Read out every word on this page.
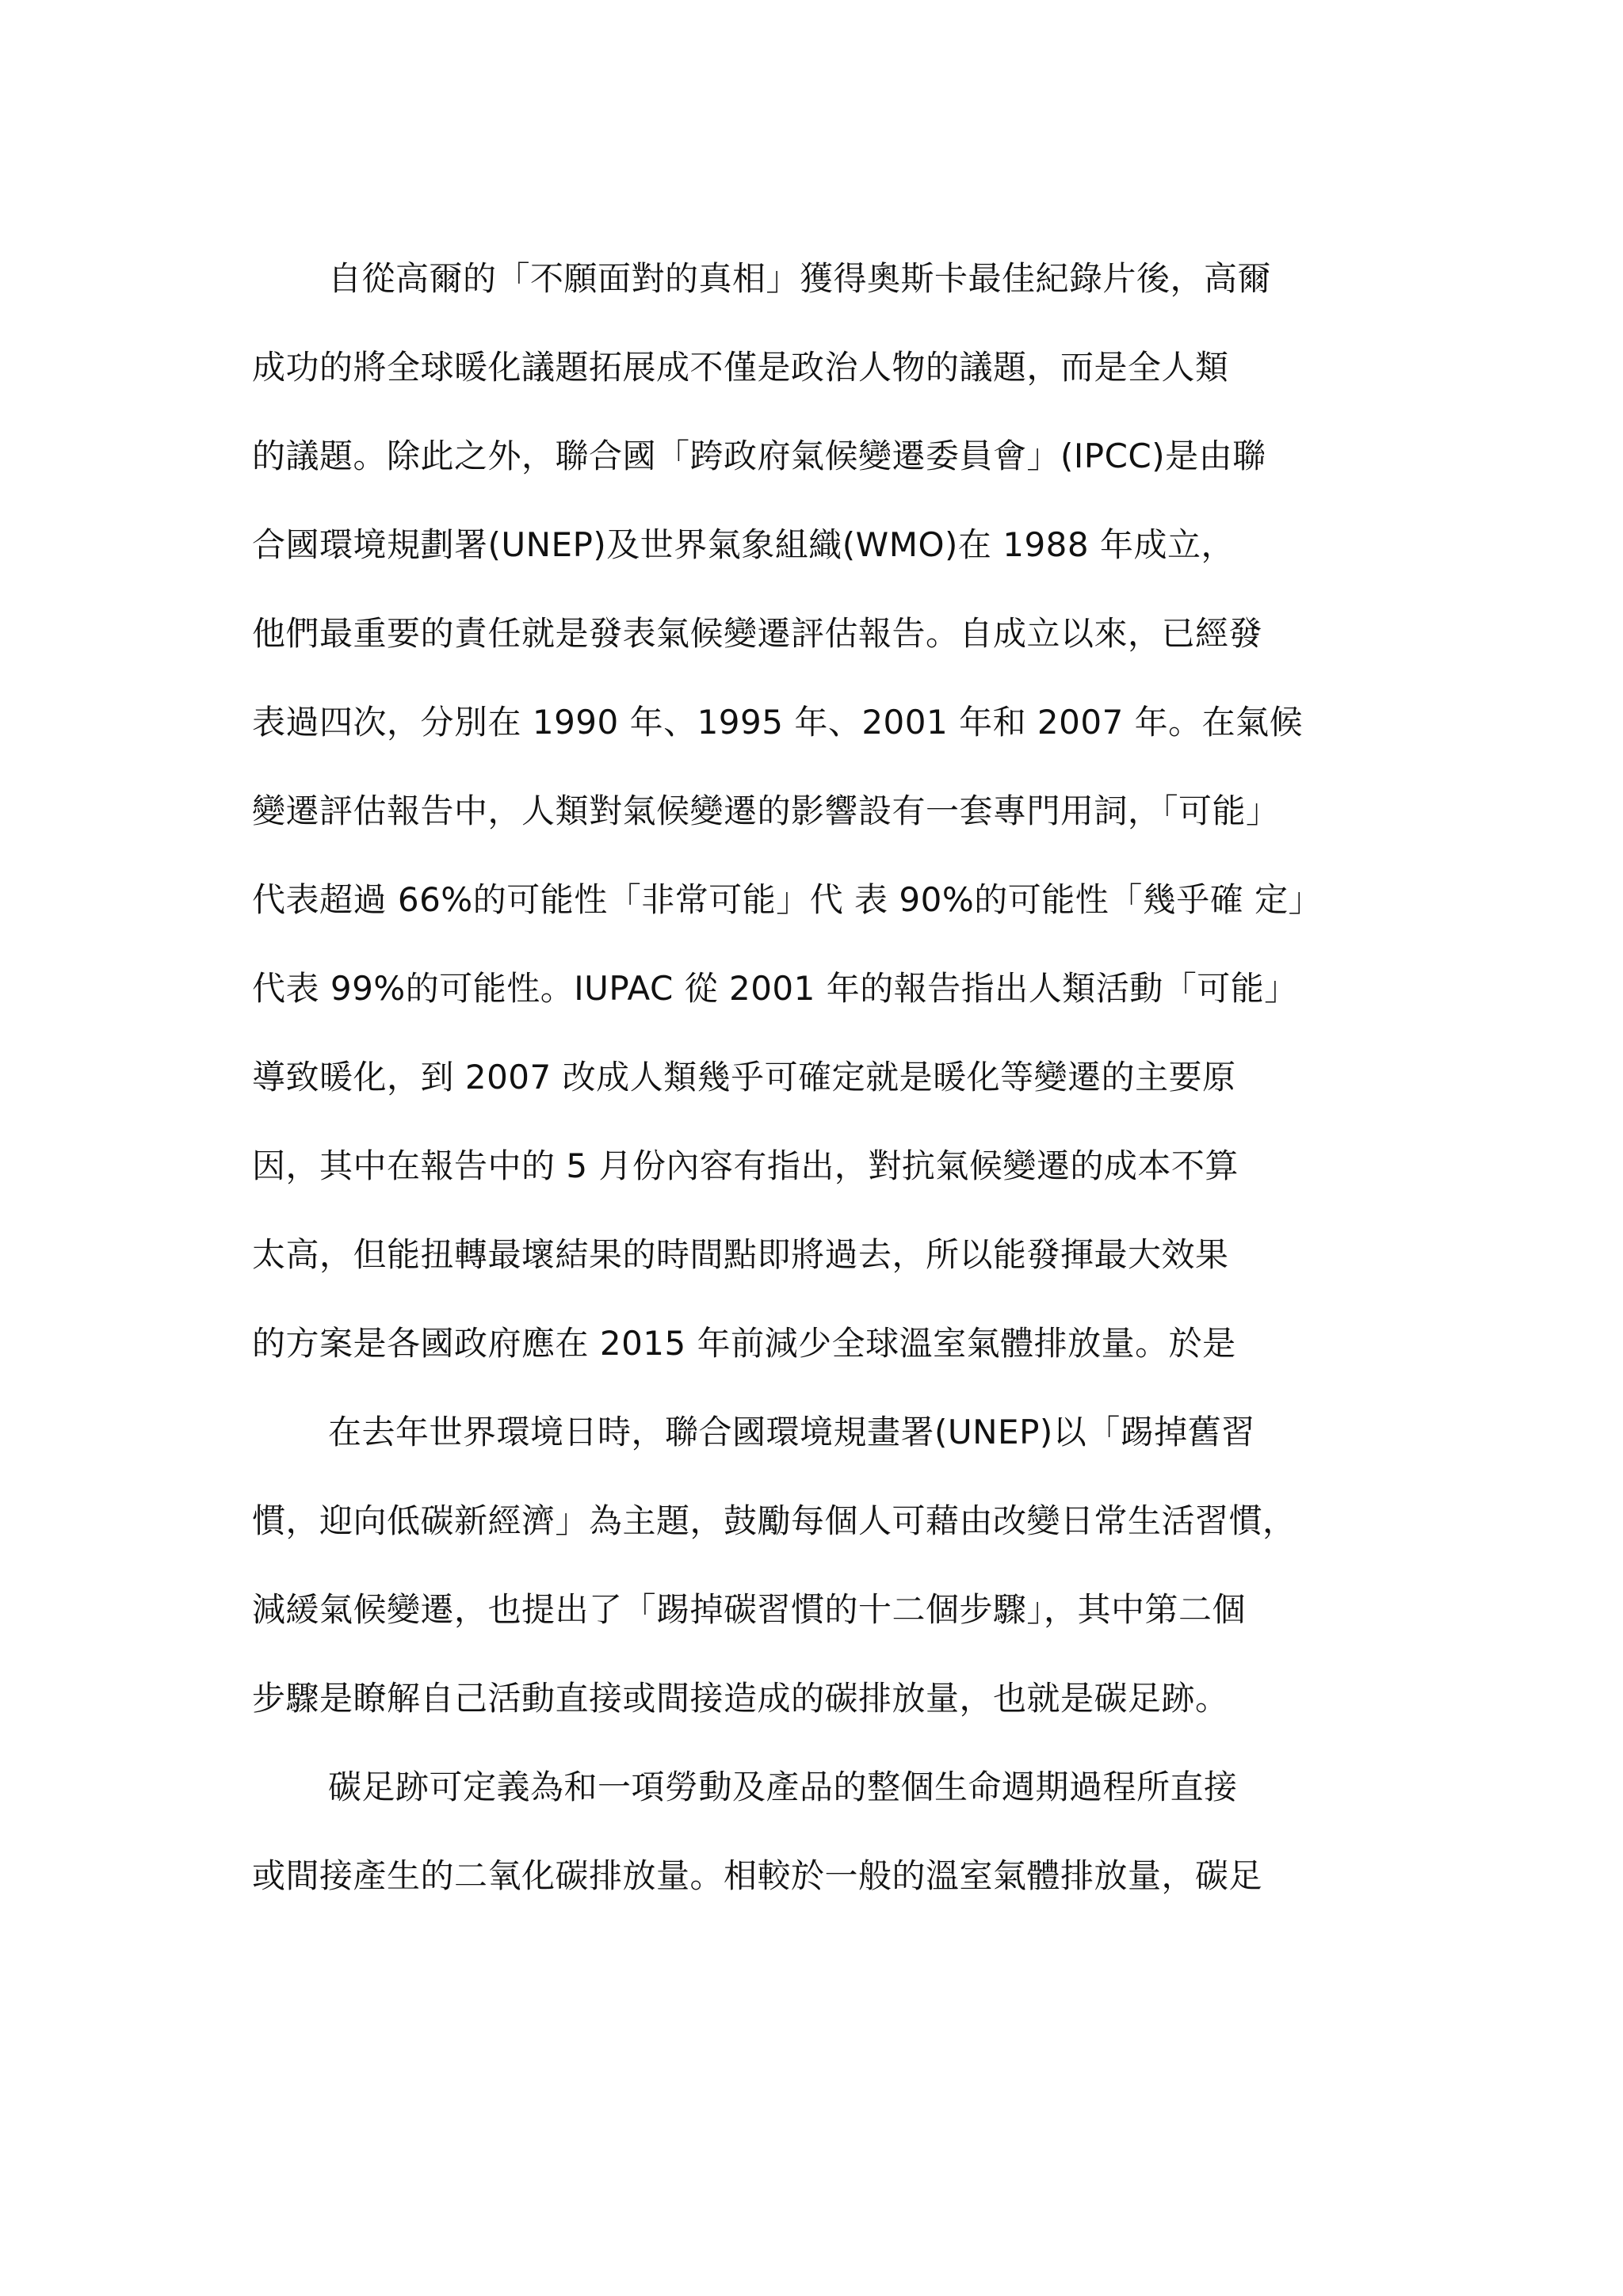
自從高爾的「不願面對的真相」獲得奧斯卡最佳紀錄片後，高爾
成功的將全球暖化議題拓展成不僅是政治人物的議題，而是全人類
的議題。除此之外，聯合國「跨政府氣候變遷委員會」(IPCC)是由聯
合國環境規劃署(UNEP)及世界氣象組織(WMO)在 1988 年成立，
他們最重要的責任就是發表氣候變遷評估報告。自成立以來，已經發
表過四次，分別在 1990 年、1995 年、2001 年和 2007 年。在氣候
變遷評估報告中，人類對氣候變遷的影響設有一套專門用詞，「可能」
代表超過 66%的可能性「非常可能」代 表 90%的可能性「幾乎確 定」
代表 99%的可能性。IUPAC 從 2001 年的報告指出人類活動「可能」
導致暖化，到 2007 改成人類幾乎可確定就是暖化等變遷的主要原
因，其中在報告中的 5 月份內容有指出，對抗氣候變遷的成本不算
太高，但能扭轉最壞結果的時間點即將過去，所以能發揮最大效果
的方案是各國政府應在 2015 年前減少全球溫室氣體排放量。於是

在去年世界環境日時，聯合國環境規畫署(UNEP)以「踢掉舊習
慣，迎向低碳新經濟」為主題，鼓勵每個人可藉由改變日常生活習慣，
減緩氣候變遷，也提出了「踢掉碳習慣的十二個步驟」，其中第二個
步驟是瞭解自己活動直接或間接造成的碳排放量，也就是碳足跡。

碳足跡可定義為和一項勞動及產品的整個生命週期過程所直接
或間接產生的二氧化碳排放量。相較於一般的溫室氣體排放量，碳足
